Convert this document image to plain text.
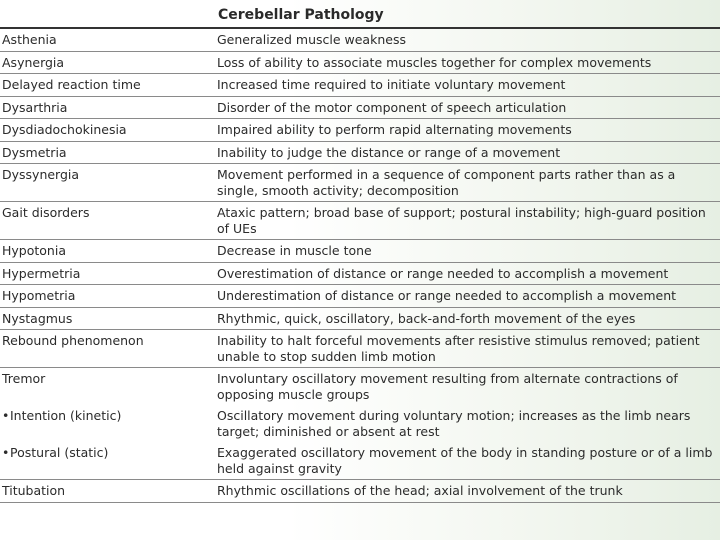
Cerebellar Pathology
Asthenia	Generalized muscle weakness
Asynergia	Loss of ability to associate muscles together for complex movements
Delayed reaction time	Increased time required to initiate voluntary movement
Dysarthria	Disorder of the motor component of speech articulation
Dysdiadochokinesia	Impaired ability to perform rapid alternating movements
Dysmetria	Inability to judge the distance or range of a movement
Dyssynergia	Movement performed in a sequence of component parts rather than as a single, smooth activity; decomposition
Gait disorders	Ataxic pattern; broad base of support; postural instability; high-guard position of UEs
Hypotonia	Decrease in muscle tone
Hypermetria	Overestimation of distance or range needed to accomplish a movement
Hypometria	Underestimation of distance or range needed to accomplish a movement
Nystagmus	Rhythmic, quick, oscillatory, back-and-forth movement of the eyes
Rebound phenomenon	Inability to halt forceful movements after resistive stimulus removed; patient unable to stop sudden limb motion
Tremor	Involuntary oscillatory movement resulting from alternate contractions of opposing muscle groups
•Intention (kinetic)	Oscillatory movement during voluntary motion; increases as the limb nears target; diminished or absent at rest
•Postural (static)	Exaggerated oscillatory movement of the body in standing posture or of a limb held against gravity
Titubation	Rhythmic oscillations of the head; axial involvement of the trunk
